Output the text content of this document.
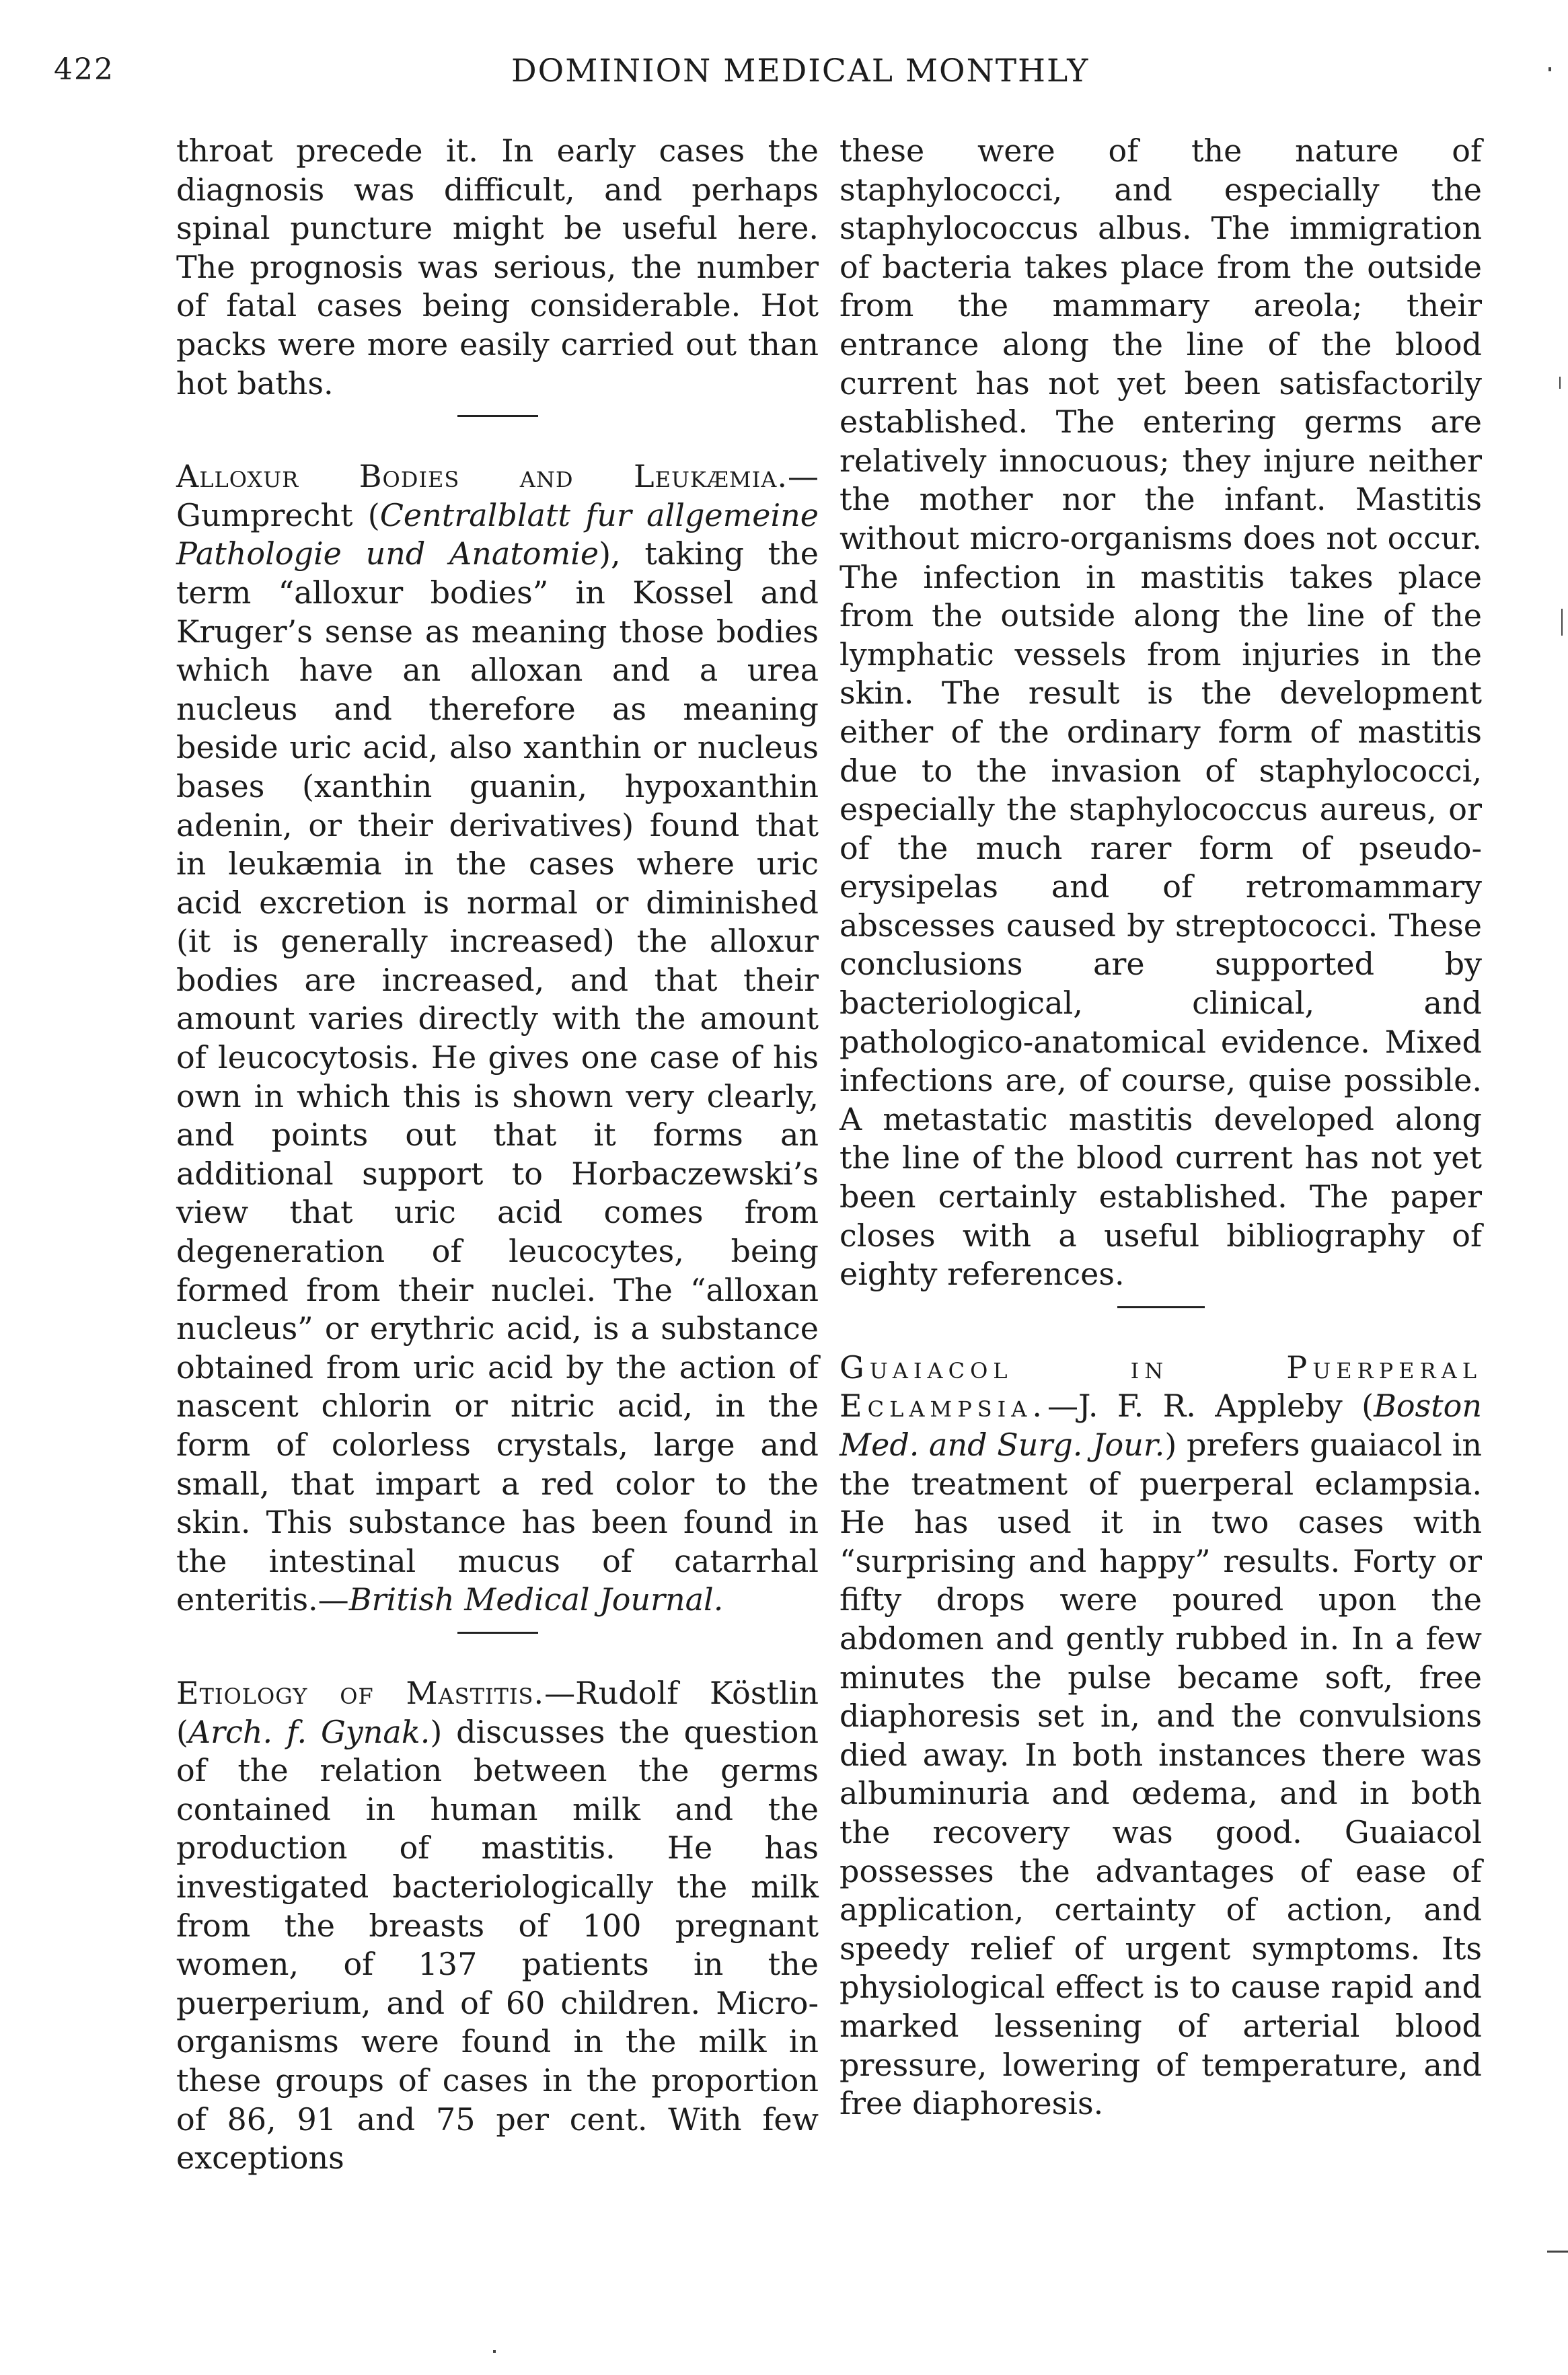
422	DOMINION MEDICAL MONTHLY

throat precede it. In early cases the diagnosis was difficult, and perhaps spinal puncture might be useful here. The prognosis was serious, the number of fatal cases being considerable. Hot packs were more easily carried out than hot baths.

Alloxur Bodies and Leukæmia.—Gumprecht (Centralblatt fur allgemeine Pathologie und Anatomie), taking the term “alloxur bodies” in Kossel and Kruger’s sense as meaning those bodies which have an alloxan and a urea nucleus and therefore as meaning beside uric acid, also xanthin or nucleus bases (xanthin guanin, hypoxanthin adenin, or their derivatives) found that in leukæmia in the cases where uric acid excretion is normal or diminished (it is generally increased) the alloxur bodies are increased, and that their amount varies directly with the amount of leucocytosis. He gives one case of his own in which this is shown very clearly, and points out that it forms an additional support to Horbaczewski’s view that uric acid comes from degeneration of leucocytes, being formed from their nuclei. The “alloxan nucleus” or erythric acid, is a substance obtained from uric acid by the action of nascent chlorin or nitric acid, in the form of colorless crystals, large and small, that impart a red color to the skin. This substance has been found in the intestinal mucus of catarrhal enteritis.—British Medical Journal.

Etiology of Mastitis.—Rudolf Köstlin (Arch. f. Gynak.) discusses the question of the relation between the germs contained in human milk and the production of mastitis. He has investigated bacteriologically the milk from the breasts of 100 pregnant women, of 137 patients in the puerperium, and of 60 children. Micro-organisms were found in the milk in these groups of cases in the proportion of 86, 91 and 75 per cent. With few exceptions

these were of the nature of staphylococci, and especially the staphylococcus albus. The immigration of bacteria takes place from the outside from the mammary areola; their entrance along the line of the blood current has not yet been satisfactorily established. The entering germs are relatively innocuous; they injure neither the mother nor the infant. Mastitis without micro-organisms does not occur. The infection in mastitis takes place from the outside along the line of the lymphatic vessels from injuries in the skin. The result is the development either of the ordinary form of mastitis due to the invasion of staphylococci, especially the staphylococcus aureus, or of the much rarer form of pseudo-erysipelas and of retromammary abscesses caused by streptococci. These conclusions are supported by bacteriological, clinical, and pathologico-anatomical evidence. Mixed infections are, of course, quise possible. A metastatic mastitis developed along the line of the blood current has not yet been certainly established. The paper closes with a useful bibliography of eighty references.

Guaiacol in Puerperal Eclampsia.—J. F. R. Appleby (Boston Med. and Surg. Jour.) prefers guaiacol in the treatment of puerperal eclampsia. He has used it in two cases with “surprising and happy” results. Forty or fifty drops were poured upon the abdomen and gently rubbed in. In a few minutes the pulse became soft, free diaphoresis set in, and the convulsions died away. In both instances there was albuminuria and œdema, and in both the recovery was good. Guaiacol possesses the advantages of ease of application, certainty of action, and speedy relief of urgent symptoms. Its physiological effect is to cause rapid and marked lessening of arterial blood pressure, lowering of temperature, and free diaphoresis.
